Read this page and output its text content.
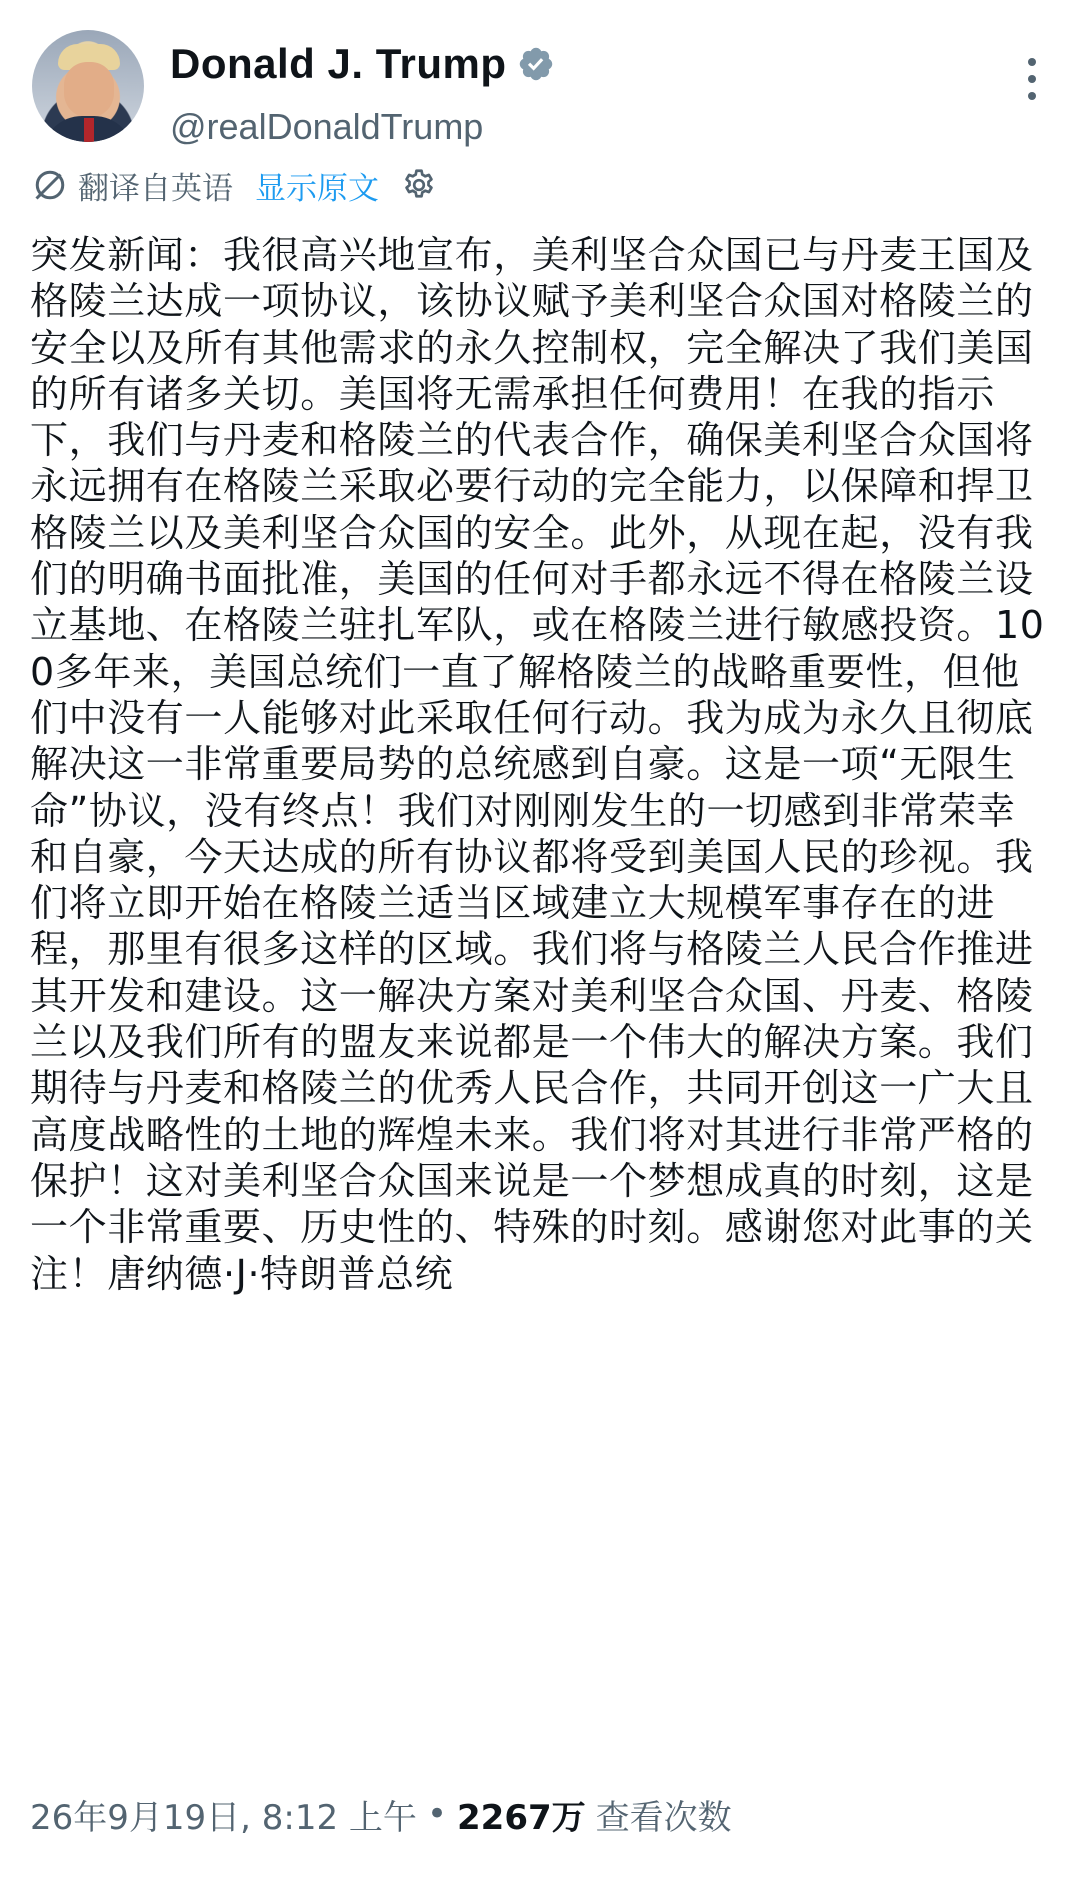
Donald J. Trump
@realDonaldTrump
翻译自英语 显示原文
突发新闻：我很高兴地宣布，美利坚合众国已与丹麦王国及格陵兰达成一项协议，该协议赋予美利坚合众国对格陵兰的安全以及所有其他需求的永久控制权，完全解决了我们美国的所有诸多关切。美国将无需承担任何费用！在我的指示下，我们与丹麦和格陵兰的代表合作，确保美利坚合众国将永远拥有在格陵兰采取必要行动的完全能力，以保障和捍卫格陵兰以及美利坚合众国的安全。此外，从现在起，没有我们的明确书面批准，美国的任何对手都永远不得在格陵兰设立基地、在格陵兰驻扎军队，或在格陵兰进行敏感投资。100多年来，美国总统们一直了解格陵兰的战略重要性，但他们中没有一人能够对此采取任何行动。我为成为永久且彻底解决这一非常重要局势的总统感到自豪。这是一项“无限生命”协议，没有终点！我们对刚刚发生的一切感到非常荣幸和自豪，今天达成的所有协议都将受到美国人民的珍视。我们将立即开始在格陵兰适当区域建立大规模军事存在的进程，那里有很多这样的区域。我们将与格陵兰人民合作推进其开发和建设。这一解决方案对美利坚合众国、丹麦、格陵兰以及我们所有的盟友来说都是一个伟大的解决方案。我们期待与丹麦和格陵兰的优秀人民合作，共同开创这一广大且高度战略性的土地的辉煌未来。我们将对其进行非常严格的保护！这对美利坚合众国来说是一个梦想成真的时刻，这是一个非常重要、历史性的、特殊的时刻。感谢您对此事的关注！唐纳德·J·特朗普总统
26年9月19日, 8:12 上午 • 2267万 查看次数
